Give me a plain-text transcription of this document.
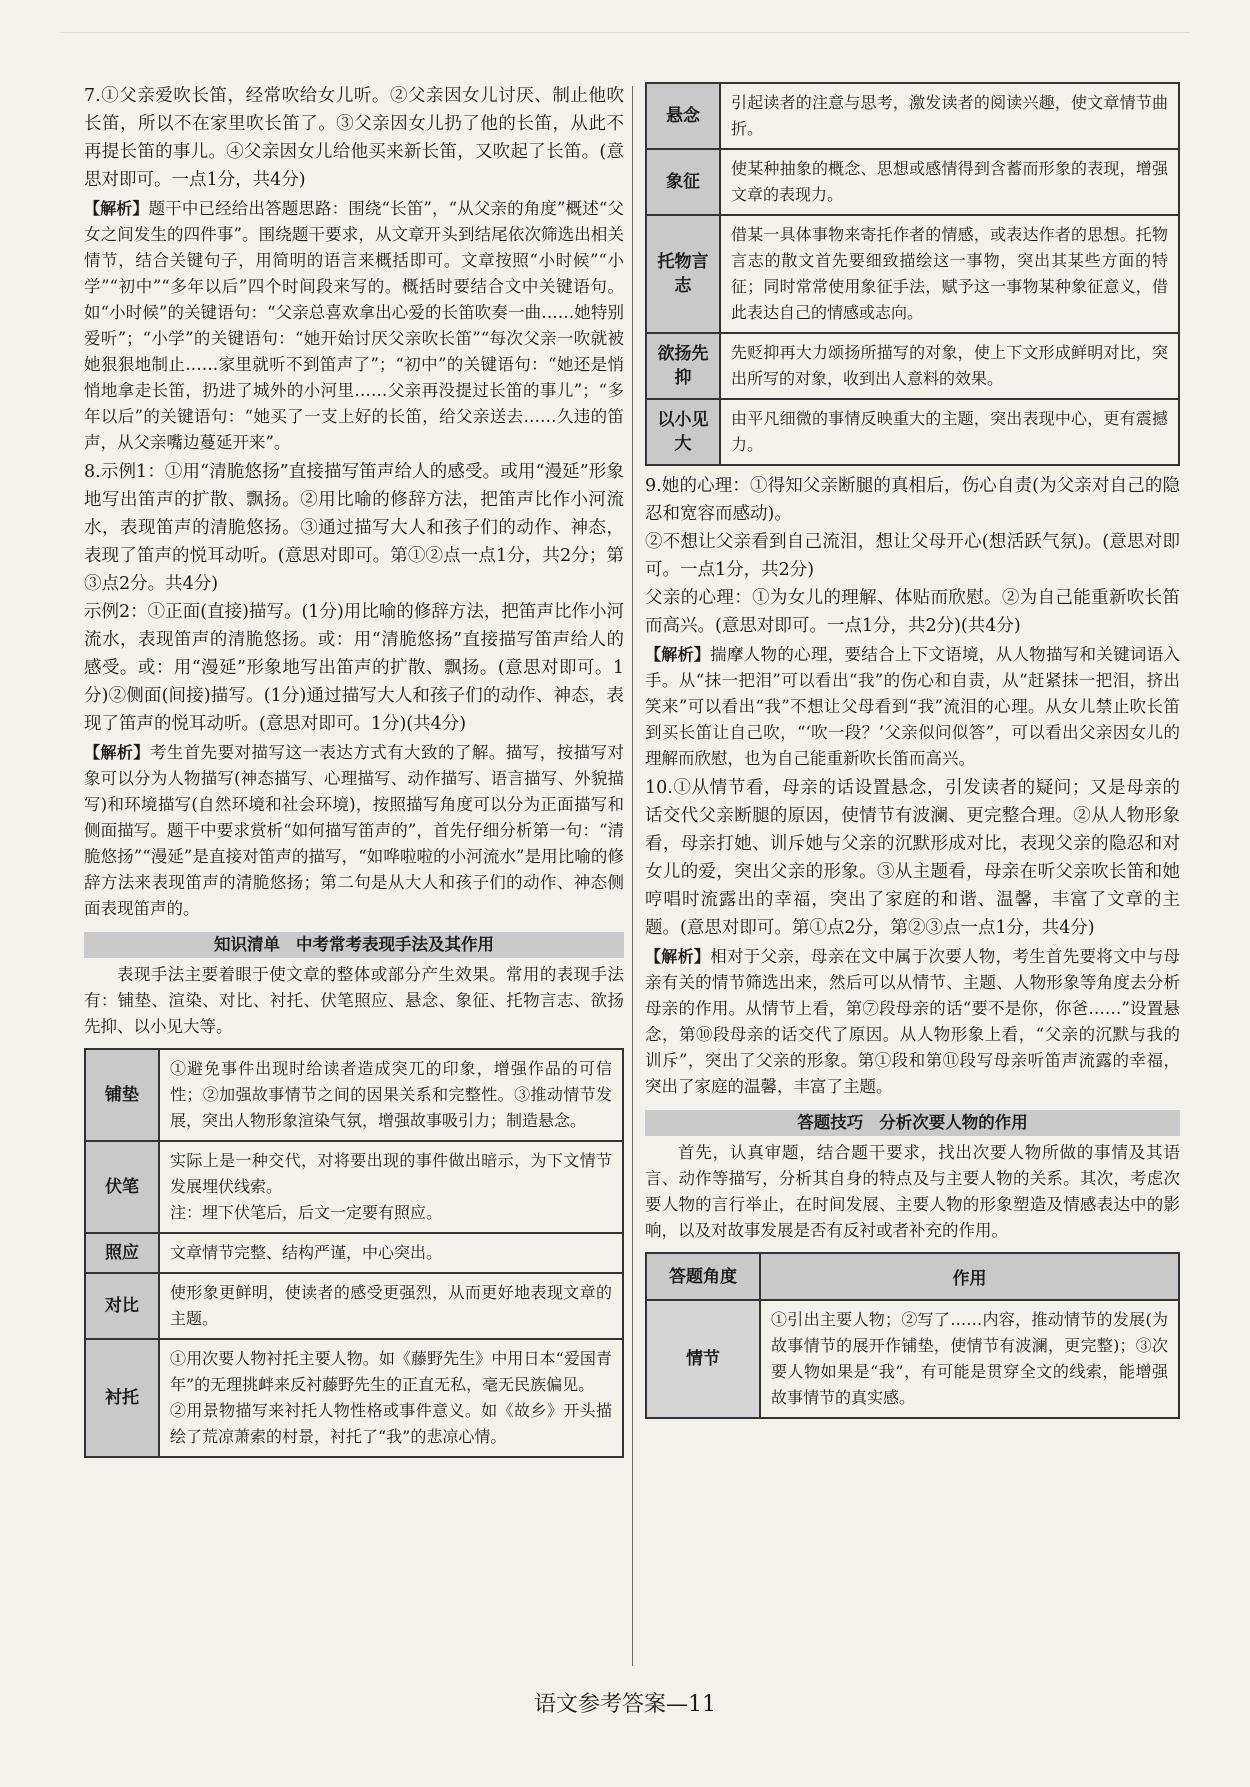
7.①父亲爱吹长笛，经常吹给女儿听。②父亲因女儿讨厌、制止他吹长笛，所以不在家里吹长笛了。③父亲因女儿扔了他的长笛，从此不再提长笛的事儿。④父亲因女儿给他买来新长笛，又吹起了长笛。(意思对即可。一点1分，共4分)

【解析】题干中已经给出答题思路：围绕“长笛”，“从父亲的角度”概述“父女之间发生的四件事”。围绕题干要求，从文章开头到结尾依次筛选出相关情节，结合关键句子，用简明的语言来概括即可。文章按照“小时候”“小学”“初中”“多年以后”四个时间段来写的。概括时要结合文中关键语句。如“小时候”的关键语句：“父亲总喜欢拿出心爱的长笛吹奏一曲……她特别爱听”；“小学”的关键语句：“她开始讨厌父亲吹长笛”“每次父亲一吹就被她狠狠地制止……家里就听不到笛声了”；“初中”的关键语句：“她还是悄悄地拿走长笛，扔进了城外的小河里……父亲再没提过长笛的事儿”；“多年以后”的关键语句：“她买了一支上好的长笛，给父亲送去……久违的笛声，从父亲嘴边蔓延开来”。

8.示例1：①用“清脆悠扬”直接描写笛声给人的感受。或用“漫延”形象地写出笛声的扩散、飘扬。②用比喻的修辞方法，把笛声比作小河流水，表现笛声的清脆悠扬。③通过描写大人和孩子们的动作、神态，表现了笛声的悦耳动听。(意思对即可。第①②点一点1分，共2分；第③点2分。共4分)

示例2：①正面(直接)描写。(1分)用比喻的修辞方法，把笛声比作小河流水，表现笛声的清脆悠扬。或：用“清脆悠扬”直接描写笛声给人的感受。或：用“漫延”形象地写出笛声的扩散、飘扬。(意思对即可。1分)②侧面(间接)描写。(1分)通过描写大人和孩子们的动作、神态，表现了笛声的悦耳动听。(意思对即可。1分)(共4分)

【解析】考生首先要对描写这一表达方式有大致的了解。描写，按描写对象可以分为人物描写(神态描写、心理描写、动作描写、语言描写、外貌描写)和环境描写(自然环境和社会环境)，按照描写角度可以分为正面描写和侧面描写。题干中要求赏析“如何描写笛声的”，首先仔细分析第一句：“清脆悠扬”“漫延”是直接对笛声的描写，“如哗啦啦的小河流水”是用比喻的修辞方法来表现笛声的清脆悠扬；第二句是从大人和孩子们的动作、神态侧面表现笛声的。

知识清单 中考常考表现手法及其作用

表现手法主要着眼于使文章的整体或部分产生效果。常用的表现手法有：铺垫、渲染、对比、衬托、伏笔照应、悬念、象征、托物言志、欲扬先抑、以小见大等。

铺垫	①避免事件出现时给读者造成突兀的印象，增强作品的可信性；②加强故事情节之间的因果关系和完整性。③推动情节发展，突出人物形象渲染气氛，增强故事吸引力；制造悬念。
伏笔	实际上是一种交代，对将要出现的事件做出暗示，为下文情节发展埋伏线索。
注：埋下伏笔后，后文一定要有照应。
照应	文章情节完整、结构严谨，中心突出。
对比	使形象更鲜明，使读者的感受更强烈，从而更好地表现文章的主题。
衬托	①用次要人物衬托主要人物。如《藤野先生》中用日本“爱国青年”的无理挑衅来反衬藤野先生的正直无私，毫无民族偏见。
②用景物描写来衬托人物性格或事件意义。如《故乡》开头描绘了荒凉萧索的村景，衬托了“我”的悲凉心情。
悬念	引起读者的注意与思考，激发读者的阅读兴趣，使文章情节曲折。
象征	使某种抽象的概念、思想或感情得到含蓄而形象的表现，增强文章的表现力。
托物言志	借某一具体事物来寄托作者的情感，或表达作者的思想。托物言志的散文首先要细致描绘这一事物，突出其某些方面的特征；同时常常使用象征手法，赋予这一事物某种象征意义，借此表达自己的情感或志向。
欲扬先抑	先贬抑再大力颂扬所描写的对象，使上下文形成鲜明对比，突出所写的对象，收到出人意料的效果。
以小见大	由平凡细微的事情反映重大的主题，突出表现中心，更有震撼力。

9.她的心理：①得知父亲断腿的真相后，伤心自责(为父亲对自己的隐忍和宽容而感动)。

②不想让父亲看到自己流泪，想让父母开心(想活跃气氛)。(意思对即可。一点1分，共2分)

父亲的心理：①为女儿的理解、体贴而欣慰。②为自己能重新吹长笛而高兴。(意思对即可。一点1分，共2分)(共4分)

【解析】揣摩人物的心理，要结合上下文语境，从人物描写和关键词语入手。从“抹一把泪”可以看出“我”的伤心和自责，从“赶紧抹一把泪，挤出笑来”可以看出“我”不想让父母看到“我”流泪的心理。从女儿禁止吹长笛到买长笛让自己吹，“‘吹一段？’父亲似问似答”，可以看出父亲因女儿的理解而欣慰，也为自己能重新吹长笛而高兴。

10.①从情节看，母亲的话设置悬念，引发读者的疑问；又是母亲的话交代父亲断腿的原因，使情节有波澜、更完整合理。②从人物形象看，母亲打她、训斥她与父亲的沉默形成对比，表现父亲的隐忍和对女儿的爱，突出父亲的形象。③从主题看，母亲在听父亲吹长笛和她哼唱时流露出的幸福，突出了家庭的和谐、温馨，丰富了文章的主题。(意思对即可。第①点2分，第②③点一点1分，共4分)

【解析】相对于父亲，母亲在文中属于次要人物，考生首先要将文中与母亲有关的情节筛选出来，然后可以从情节、主题、人物形象等角度去分析母亲的作用。从情节上看，第⑦段母亲的话“要不是你，你爸……”设置悬念，第⑩段母亲的话交代了原因。从人物形象上看，“父亲的沉默与我的训斥”，突出了父亲的形象。第①段和第⑪段写母亲听笛声流露的幸福，突出了家庭的温馨，丰富了主题。

答题技巧 分析次要人物的作用

首先，认真审题，结合题干要求，找出次要人物所做的事情及其语言、动作等描写，分析其自身的特点及与主要人物的关系。其次，考虑次要人物的言行举止，在时间发展、主要人物的形象塑造及情感表达中的影响，以及对故事发展是否有反衬或者补充的作用。

答题角度	作用
情节	①引出主要人物；②写了……内容，推动情节的发展(为故事情节的展开作铺垫，使情节有波澜，更完整)；③次要人物如果是“我”，有可能是贯穿全文的线索，能增强故事情节的真实感。
语文参考答案—11
